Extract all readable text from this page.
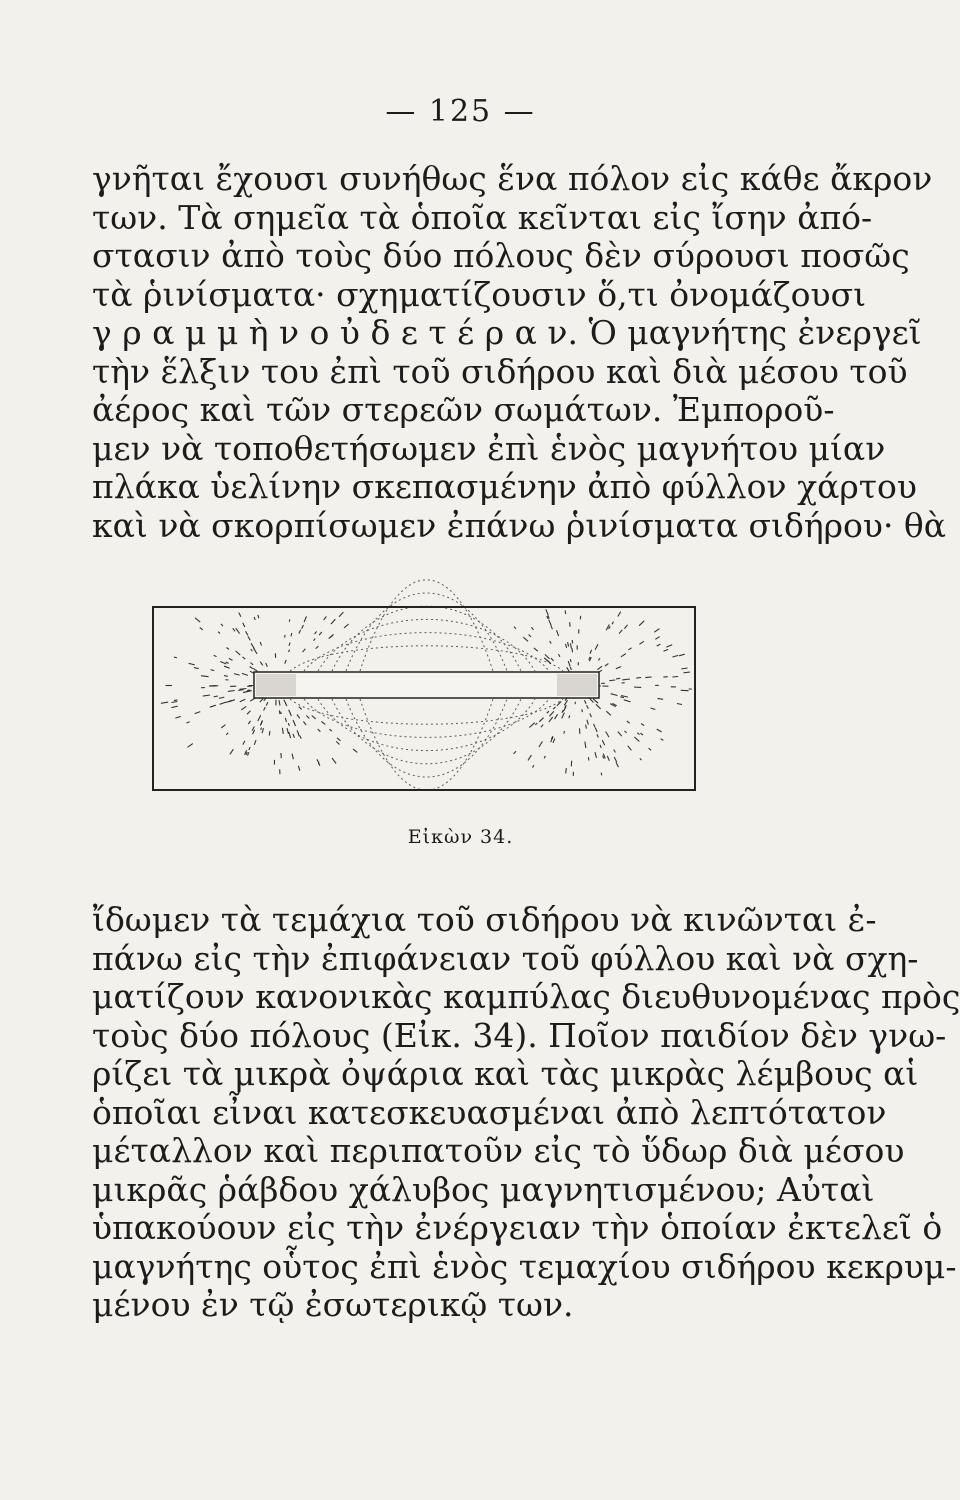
— 125 —
γνῆται ἔχουσι συνήθως ἕνα πόλον εἰς κάθε ἄκρον
των. Τὰ σημεῖα τὰ ὁποῖα κεῖνται εἰς ἴσην ἀπό-
στασιν ἀπὸ τοὺς δύο πόλους δὲν σύρουσι ποσῶς
τὰ ῥινίσματα· σχηματίζουσιν ὅ,τι ὀνομάζουσι
γ ρ α μ μ ὴ ν ο ὐ δ ε τ έ ρ α ν. Ὁ μαγνήτης ἐνεργεῖ
τὴν ἕλξιν του ἐπὶ τοῦ σιδήρου καὶ διὰ μέσου τοῦ
ἀέρος καὶ τῶν στερεῶν σωμάτων. Ἐμποροῦ-
μεν νὰ τοποθετήσωμεν ἐπὶ ἑνὸς μαγνήτου μίαν
πλάκα ὑελίνην σκεπασμένην ἀπὸ φύλλον χάρτου
καὶ νὰ σκορπίσωμεν ἐπάνω ῥινίσματα σιδήρου· θὰ
Εἰκὼν 34.
ἴδωμεν τὰ τεμάχια τοῦ σιδήρου νὰ κινῶνται ἐ-
πάνω εἰς τὴν ἐπιφάνειαν τοῦ φύλλου καὶ νὰ σχη-
ματίζουν κανονικὰς καμπύλας διευθυνομένας πρὸς
τοὺς δύο πόλους (Εἰκ. 34). Ποῖον παιδίον δὲν γνω-
ρίζει τὰ μικρὰ ὀψάρια καὶ τὰς μικρὰς λέμβους αἱ
ὁποῖαι εἶναι κατεσκευασμέναι ἀπὸ λεπτότατον
μέταλλον καὶ περιπατοῦν εἰς τὸ ὕδωρ διὰ μέσου
μικρᾶς ῥάβδου χάλυβος μαγνητισμένου; Αὐταὶ
ὑπακούουν εἰς τὴν ἐνέργειαν τὴν ὁποίαν ἐκτελεῖ ὁ
μαγνήτης οὗτος ἐπὶ ἑνὸς τεμαχίου σιδήρου κεκρυμ-
μένου ἐν τῷ ἐσωτερικῷ των.
